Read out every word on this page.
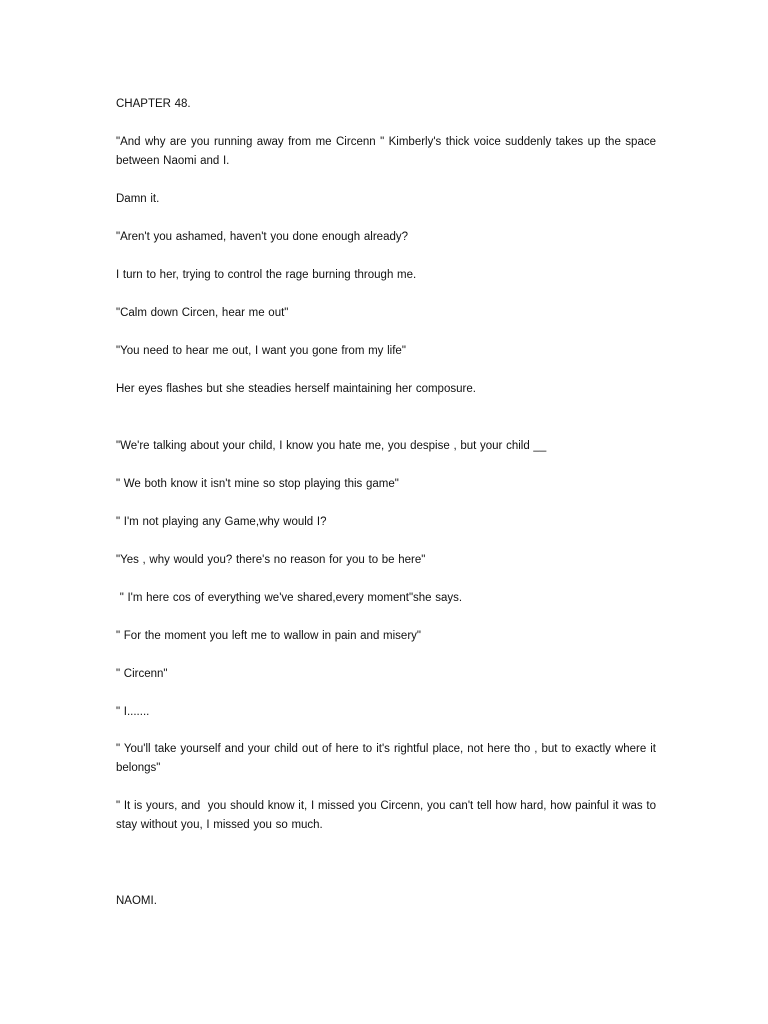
CHAPTER 48.
"And why are you running away from me Circenn " Kimberly's thick voice suddenly takes up the space between Naomi and I.
Damn it.
"Aren't you ashamed, haven't you done enough already?
I turn to her, trying to control the rage burning through me.
"Calm down Circen, hear me out"
"You need to hear me out, I want you gone from my life"
Her eyes flashes but she steadies herself maintaining her composure.
"We're talking about your child, I know you hate me, you despise , but your child __
" We both know it isn't mine so stop playing this game"
" I'm not playing any Game,why would I?
"Yes , why would you? there's no reason for you to be here"
" I'm here cos of everything we've shared,every moment"she says.
" For the moment you left me to wallow in pain and misery"
" Circenn"
" I.......
" You'll take yourself and your child out of here to it's rightful place, not here tho , but to exactly where it belongs"
" It is yours, and  you should know it, I missed you Circenn, you can't tell how hard, how painful it was to stay without you, I missed you so much.
NAOMI.
